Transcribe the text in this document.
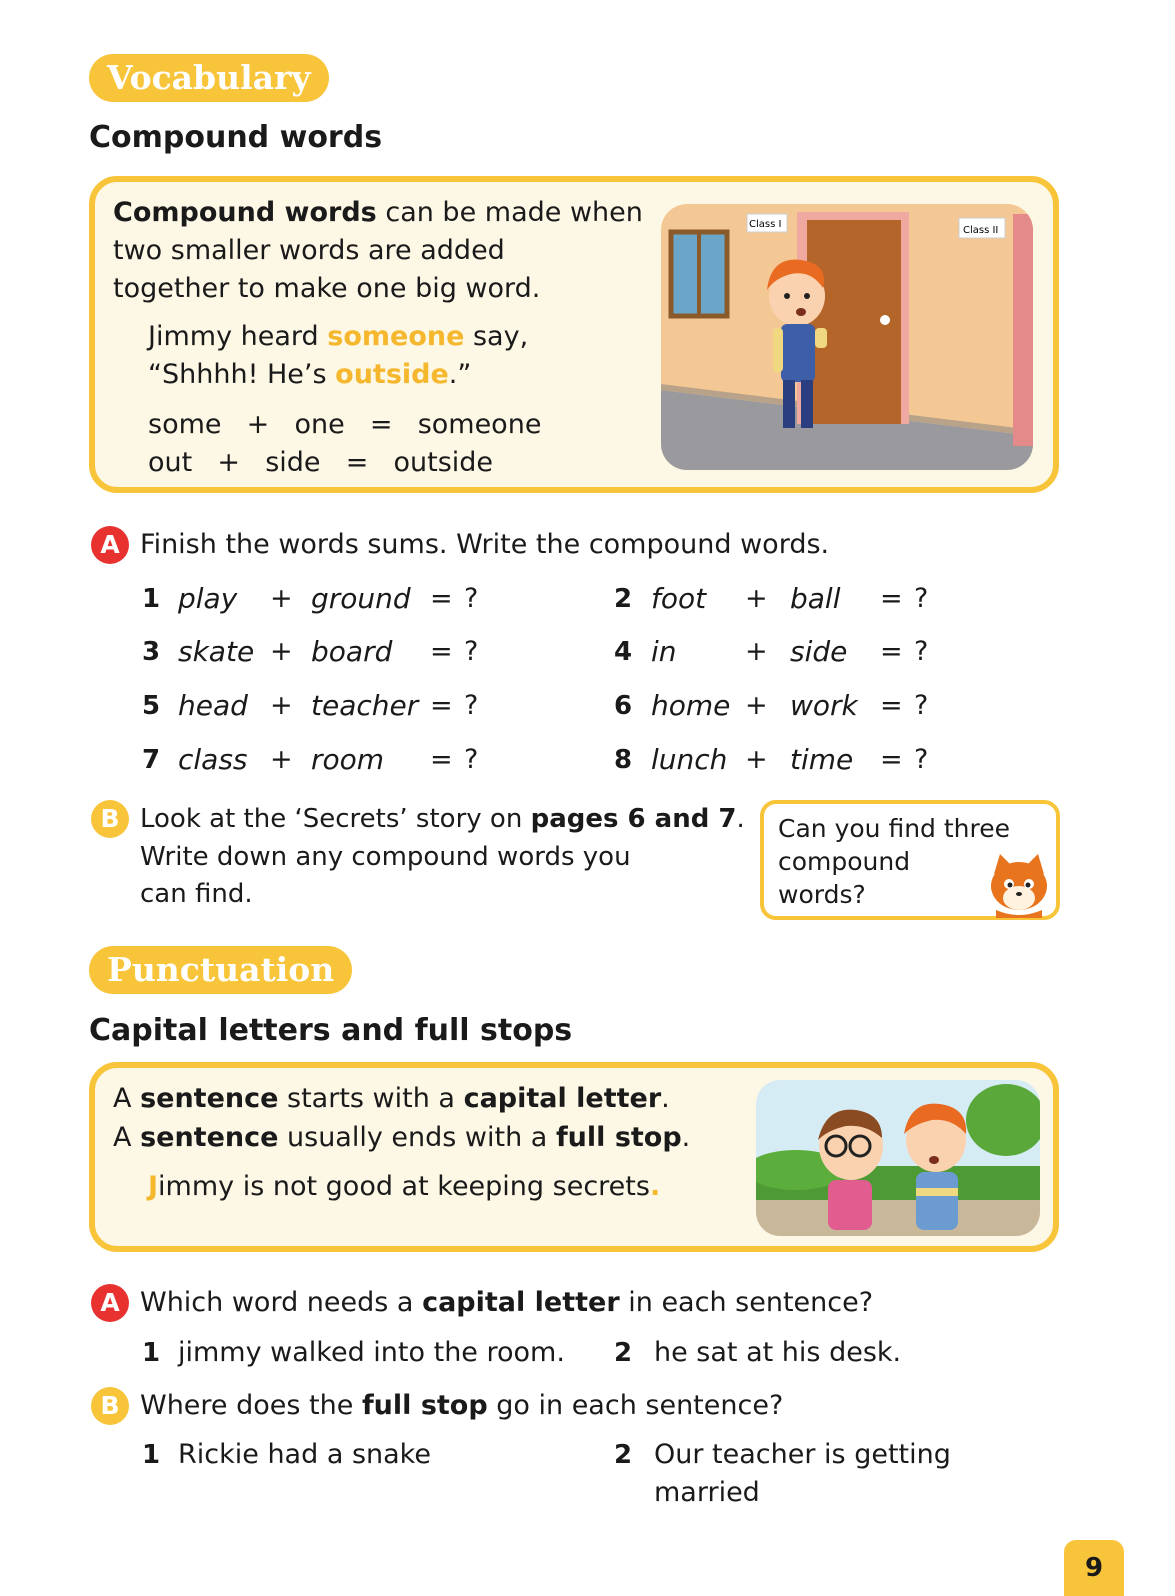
Vocabulary
Compound words
Compound words can be made when
two smaller words are added
together to make one big word.
Jimmy heard someone say,
“Shhhh! He’s outside.”
some + one = someone
out + side = outside
Class I
Class II
A Finish the words sums. Write the compound words.
1 play + ground = ?	2 foot + ball = ?
3 skate + board = ?	4 in	+ side = ?
5 head + teacher = ?	6 home + work = ?
7 class + room = ?	8 lunch + time = ?
B Look at the ‘Secrets’ story on pages 6 and 7.
Write down any compound words you
can find.
Can you find three
compound
words?
Punctuation
Capital letters and full stops
A sentence starts with a capital letter.
A sentence usually ends with a full stop.
Jimmy is not good at keeping secrets.
A Which word needs a capital letter in each sentence?
1 jimmy walked into the room. 2 he sat at his desk.
B Where does the full stop go in each sentence?
1 Rickie had a snake	2 Our teacher is getting
married
9
